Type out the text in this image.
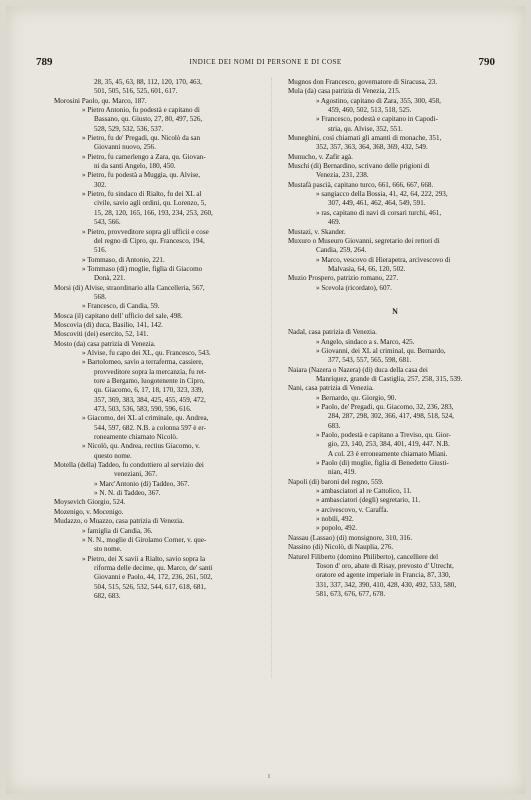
789	INDICE DEI NOMI DI PERSONE E DI COSE	790
28, 35, 45, 63, 88, 112, 120, 170, 463,
501, 505, 516, 525, 601, 617.
Morosini Paolo, qu. Marco, 187.
» Pietro Antonio, fu podestà e capitano di
Bassano, qu. Giusto, 27, 80, 497, 526,
528, 529, 532, 536, 537.
» Pietro, fu de' Pregadi, qu. Nicolò da san
Giovanni nuovo, 256.
» Pietro, fu camerlengo a Zara, qu. Giovan-
ni da santi Angelo, 180, 450.
» Pietro, fu podestà a Muggia, qu. Alvise,
302.
» Pietro, fu sindaco di Rialto, fu dei XL al
civile, savio agli ordini, qu. Lorenzo, 5,
15, 28, 120, 165, 166, 193, 234, 253, 260,
543, 566.
» Pietro, provveditore sopra gli ufficii e cose
del regno di Cipro, qu. Francesco, 194,
516.
» Tommaso, di Antonio, 221.
» Tommaso (di) moglie, figlia di Giacomo
Donà, 221.
Morsi (di) Alvise, straordinario alla Cancelleria, 567,
568.
» Francesco, di Candia, 59.
Mosca (il) capitano dell' ufficio del sale, 498.
Moscovia (di) duca, Basilio, 141, 142.
Moscoviti (dei) esercito, 52, 141.
Mosto (da) casa patrizia di Venezia.
» Alvise, fu capo dei XL, qu. Francesco, 543.
» Bartolomeo, savio a terraferma, cassiere,
provveditore sopra la mercanzia, fu ret-
tore a Bergamo, luogotenente in Cipro,
qu. Giacomo, 6, 17, 18, 170, 323, 339,
357, 369, 383, 384, 425, 455, 459, 472,
473, 503, 536, 583, 590, 596, 616.
» Giacomo, dei XL al criminale, qu. Andrea,
544, 597, 682. N.B. a colonna 597 è er-
roneamente chiamato Nicolò.
» Nicolò, qu. Andrea, rectius Giacomo, v.
questo nome.
Motella (della) Taddeo, fu condottiero al servizio dei
veneziani, 367.
» Marc'Antonio (di) Taddeo, 367.
» N. N. di Taddeo, 367.
Moysevich Giorgio, 524.
Mozenigo, v. Mocenigo.
Mudazzo, o Muazzo, casa patrizia di Venezia.
» famiglia di Candia, 36.
» N. N., moglie di Girolamo Corner, v. que-
sto nome.
» Pietro, dei X savii a Rialto, savio sopra la
riforma delle decime, qu. Marco, de' santi
Giovanni e Paolo, 44, 172, 236, 261, 502,
504, 515, 526, 532, 544, 617, 618, 681,
682, 683.
Mugnos don Francesco, governatore di Siracusa, 23.
Mula (da) casa patrizia di Venezia, 215.
» Agostino, capitano di Zara, 355, 300, 458,
459, 460, 502, 513, 518, 525.
» Francesco, podestà e capitano in Capodi-
stria, qu. Alvise, 352, 551.
Muneghini, così chiamati gli amanti di monache, 351,
352, 357, 363, 364, 368, 369, 432, 549.
Munucho, v. Zafir agà.
Muschi (di) Bernardino, scrivano delle prigioni di
Venezia, 231, 238.
Mustafà pascià, capitano turco, 661, 666, 667, 668.
» sangiacco della Bossia, 41, 42, 64, 222, 293,
307, 449, 461, 462, 464, 549, 591.
» ras, capitano di navi di corsari turchi, 461,
469.
Mustazi, v. Skander.
Muxuro o Museuro Giovanni, segretario dei rettori di
Candia, 259, 264.
» Marco, vescovo di Hierapetra, arcivescovo di
Malvasia, 64, 66, 120, 502.
Muzio Prospero, patrizio romano, 227.
» Scevola (ricordato), 607.
N
Nadal, casa patrizia di Venezia.
» Angelo, sindaco a s. Marco, 425.
» Giovanni, dei XL al criminal, qu. Bernardo,
377, 543, 557, 565, 598, 681.
Naiara (Nazera o Nazera) (di) duca della casa dei
Manriquez, grande di Castiglia, 257, 258, 315, 539.
Nani, casa patrizia di Venezia.
» Bernardo, qu. Giorgio, 90.
» Paolo, de' Pregadi, qu. Giacomo, 32, 236, 283,
284, 287, 298, 302, 366, 417, 498, 518, 524,
683.
» Paolo, podestà e capitano a Treviso, qu. Gior-
gio, 23, 140, 253, 384, 401, 419, 447. N.B.
A col. 23 è erroneamente chiamato Miani.
» Paolo (di) moglie, figlia di Benedetto Giusti-
nian, 419.
Napoli (di) baroni del regno, 559.
» ambasciatori al re Cattolico, 11.
» ambasciatori (degli) segretario, 11.
» arcivescovo, v. Caraffa.
» nobili, 492.
» popolo, 492.
Nassau (Lassao) (di) monsignore, 310, 316.
Nassino (di) Nicolò, di Nauplia, 276.
Naturel Filiberto (domino Philiberto), cancelliere del
Toson d' oro, abate di Risay, prevosto d' Utrecht,
oratore ed agente imperiale in Francia, 87, 330,
331, 337, 342, 390, 410, 428, 430, 492, 533, 580,
581, 673, 676, 677, 678.
I
